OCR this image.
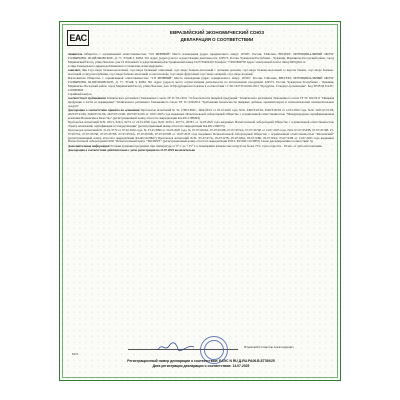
ЕАС
ЕВРАЗИЙСКИЙ ЭКОНОМИЧЕСКИЙ СОЮЗ
ДЕКЛАРАЦИЯ О СООТВЕТСТВИИ

Заявитель Общество с ограниченной ответственностью "СП МИРНЫЙ" Место нахождения (адрес юридического лица): 107207, Россия, Г.Москва, ВН.ТЕР.Г. МУНИЦИПАЛЬНЫЙ ОКРУГ ГОЛЬЯНОВО, Ш.ЩЁЛКОВСКОЕ, Д. 77, ЭТАЖ 3, КОМ. 301 Адрес (адреса) места осуществления деятельности: 429573, Россия, Чувашская Республика - Чувашия, Мариинско-Посадский район, город Мариинский Посад, улица Чкалова, дом 19 Основной государственный регистрационный номер 1027739420416 Телефон: +74952899758 Адрес электронной почты: mirny2005@list.ru

в лице Генерального директора Ильинского Станислава Александровича

заявляет, что Соус-пюре белково-молочный, соус-пюре белковый сливочный, соус-пюре белково-молочный с лесными орехами, соус-пюре белково-молочный со вкусом банана, соус-пюре белково-молочный со вкусом клубники, соус-пюре белково-молочный со вкусом кофе, соус-пюре фруктовый, соус-пюре овощной, соус-пюре ягодный

Изготовитель Общество с ограниченной ответственностью "СП МИРНЫЙ" Место нахождения (адрес юридического лица): 107207, Россия, Г.Москва, ВН.ТЕР.Г. МУНИЦИПАЛЬНЫЙ ОКРУГ ГОЛЬЯНОВО, Ш.ЩЁЛКОВСКОЕ, Д. 77, ЭТАЖ 3, КОМ. 301 Адрес (адреса) места осуществления деятельности по изготовлению продукции: 429573, Россия, Чувашская Республика - Чувашия, Мариинско-Посадский район, город Мариинский Посад, улица Чкалова, дом 19 Продукция изготовлена в соответствии с СТО 10273150-002-2015 "Продукты. Стандарт организации". Код ТН ВЭД ЕАЭС: 2103909000

Серийный выпуск

соответствует требованиям Технического регламента Таможенного союза ТР ТС 021/2011 "О безопасности пищевой продукции" Технического регламента Таможенного союза ТР ТС 022/2011 "Пищевая продукция в части ее маркировки" Технического регламента Таможенного союза ТР ТС 029/2012 "Требования безопасности пищевых добавок, ароматизаторов и технологических вспомогательных средств"

Декларация о соответствии принята на основании Протоколов испытаний № № 1780/СВО1/, 3464/20/01 от 20.01.2020 года, №№ 4490/3/20/04, 4500/3/20/04 от 12.03.2020 года, №№ 2021/07/21/06, 2025/07/21/06, 2026/07/21/06, 2027/07/21/06, 2027/07/21/06 от 19.07.2025 года выданных Испытательной лабораторией Общества с ограниченной ответственностью "Международная сертификационная компания Независимое Качество" (регистрационный номер аттестата аккредитации RA.RU.21HM94)

Протоколов испытаний №№ 925/3, 926/3, 927/3 от 22.01.2020 года, №№ 2676/1, 2677/1, 2678/1 от 12.03.2025 года выданных Испытательной лабораторией Общества с ограниченной ответственностью "Центр испытаний, сертификации и стандартизации" (регистрационный номер аттестата аккредитации RA.RU.21ПП75)

Протоколов испытаний № 31-01/3774 от 07.02.2020 года, № 33-01/3996 от 24.03.2020 года, № 07-07/4543A, 07-07/4543Б, 07-07/4574А, 07-07/4574Б от 14.07.2025 года, №№ 07-07/4543В, 07-07/4574В, 07-07/4575A, 07-07/4575Б, 07-07/4575В, 07-07/4576A, 07-07/4576Б, 07-07/4576В от 19.07.2025 года выданных Испытательной лабораторией Общества с ограниченной ответственностью "Московский" (регистрационный номер аттестата аккредитации RA.RU.21НБ27) Протоколов испытаний №№ 05-07-9/7А, 05-07-9/7Б, 05-07-9/8A, 05-07-9/8Б, 05-07-9/9A, 05-07-9/9Б от 12.07.2025 года выданных Испытательной лабораторией ООО "Испытательный центр "ЭКСПЕРТ" (регистрационный номер аттестата аккредитации РОСС RU.0001.21ПН35) Схема декларирования соответствия: 3д

Дополнительная информация Условия хранения продукции: при температуре от 0° С до + 25° С в помещениях влажностью воздуха не более 75%. Срок годности - 18 мес. от даты изготовления.

Декларация о соответствии действительна с даты регистрации по 13.07.2029 включительно

Ильинский Станислав Александрович
М.П.
Регистрационный номер декларации о соответствии: ЕАЭС N RU Д-RU.РА06.В.87789/25
Дата регистрации декларации о соответствии: 14.07.2025
